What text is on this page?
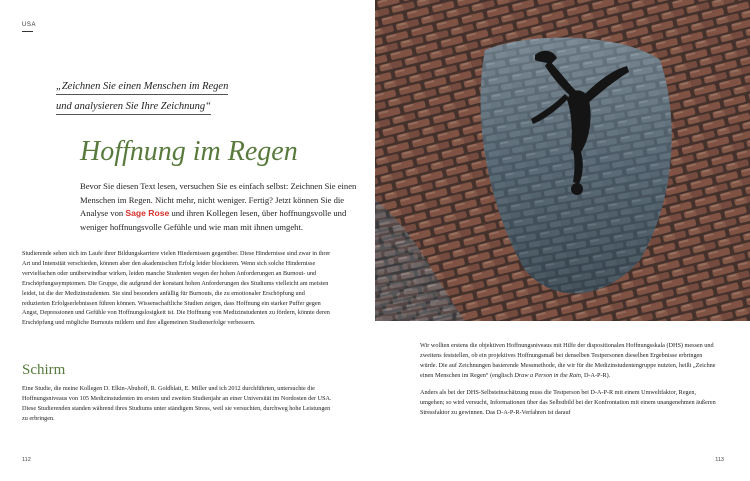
USA
„Zeichnen Sie einen Menschen im Regen
und analysieren Sie Ihre Zeichnung“
Hoffnung im Regen

Bevor Sie diesen Text lesen, versuchen Sie es einfach selbst: Zeichnen Sie einen Menschen im Regen. Nicht mehr, nicht weniger. Fertig? Jetzt können Sie die Analyse von Sage Rose und ihren Kollegen lesen, über hoffnungsvolle und weniger hoffnungsvolle Gefühle und wie man mit ihnen umgeht.

Studierende sehen sich im Laufe ihrer Bildungskarriere vielen Hindernissen gegenüber. Diese Hindernisse sind zwar in ihrer Art und Intensität verschieden, können aber den akademischen Erfolg leider blockieren. Wenn sich solche Hindernisse vervielfachen oder unüberwindbar wirken, leiden manche Studenten wegen der hohen Anforderungen an Burnout- und Erschöpfungssymptomen. Die Gruppe, die aufgrund der konstant hohen Anforderungen des Studiums vielleicht am meisten leidet, ist die der Medizinstudenten. Sie sind besonders anfällig für Burnouts, die zu emotionaler Erschöpfung und reduzierten Erfolgserlebnissen führen können. Wissenschaftliche Studien zeigen, dass Hoffnung ein starker Puffer gegen Angst, Depressionen und Gefühle von Hoffnungslosigkeit ist. Die Hoffnung von Medizinstudenten zu fördern, könnte deren Erschöpfung und mögliche Burnouts mildern und ihre allgemeinen Studienerfolge verbessern.

Schirm

Eine Studie, die meine Kollegen D. Elkin-Abuhoff, R. Goldblatt, E. Miller und ich 2012 durchführten, untersuchte die Hoffnungsniveaus von 105 Medizinstudenten im ersten und zweiten Studienjahr an einer Universität im Nordosten der USA. Diese Studierenden standen während ihres Studiums unter ständigem Stress, weil sie versuchten, durchweg hohe Leistungen zu erbringen.

112

Wir wollten erstens die objektiven Hoffnungsniveaus mit Hilfe der dispositionalen Hoffnungsskala (DHS) messen und zweitens feststellen, ob ein projektives Hoffnungsmaß bei denselben Testpersonen dieselben Ergebnisse erbringen würde. Die auf Zeichnungen basierende Messmethode, die wir für die Medizinstudentengruppe nutzten, heißt „Zeichne einen Menschen im Regen“ (englisch Draw a Person in the Rain, D-A-P-R).

Anders als bei der DHS-Selbsteinschätzung muss die Testperson bei D-A-P-R mit einem Umweltfaktor, Regen, umgehen; so wird versucht, Informationen über das Selbstbild bei der Konfrontation mit einem unangenehmen äußeren Stressfaktor zu gewinnen. Das D-A-P-R-Verfahren ist darauf

113
